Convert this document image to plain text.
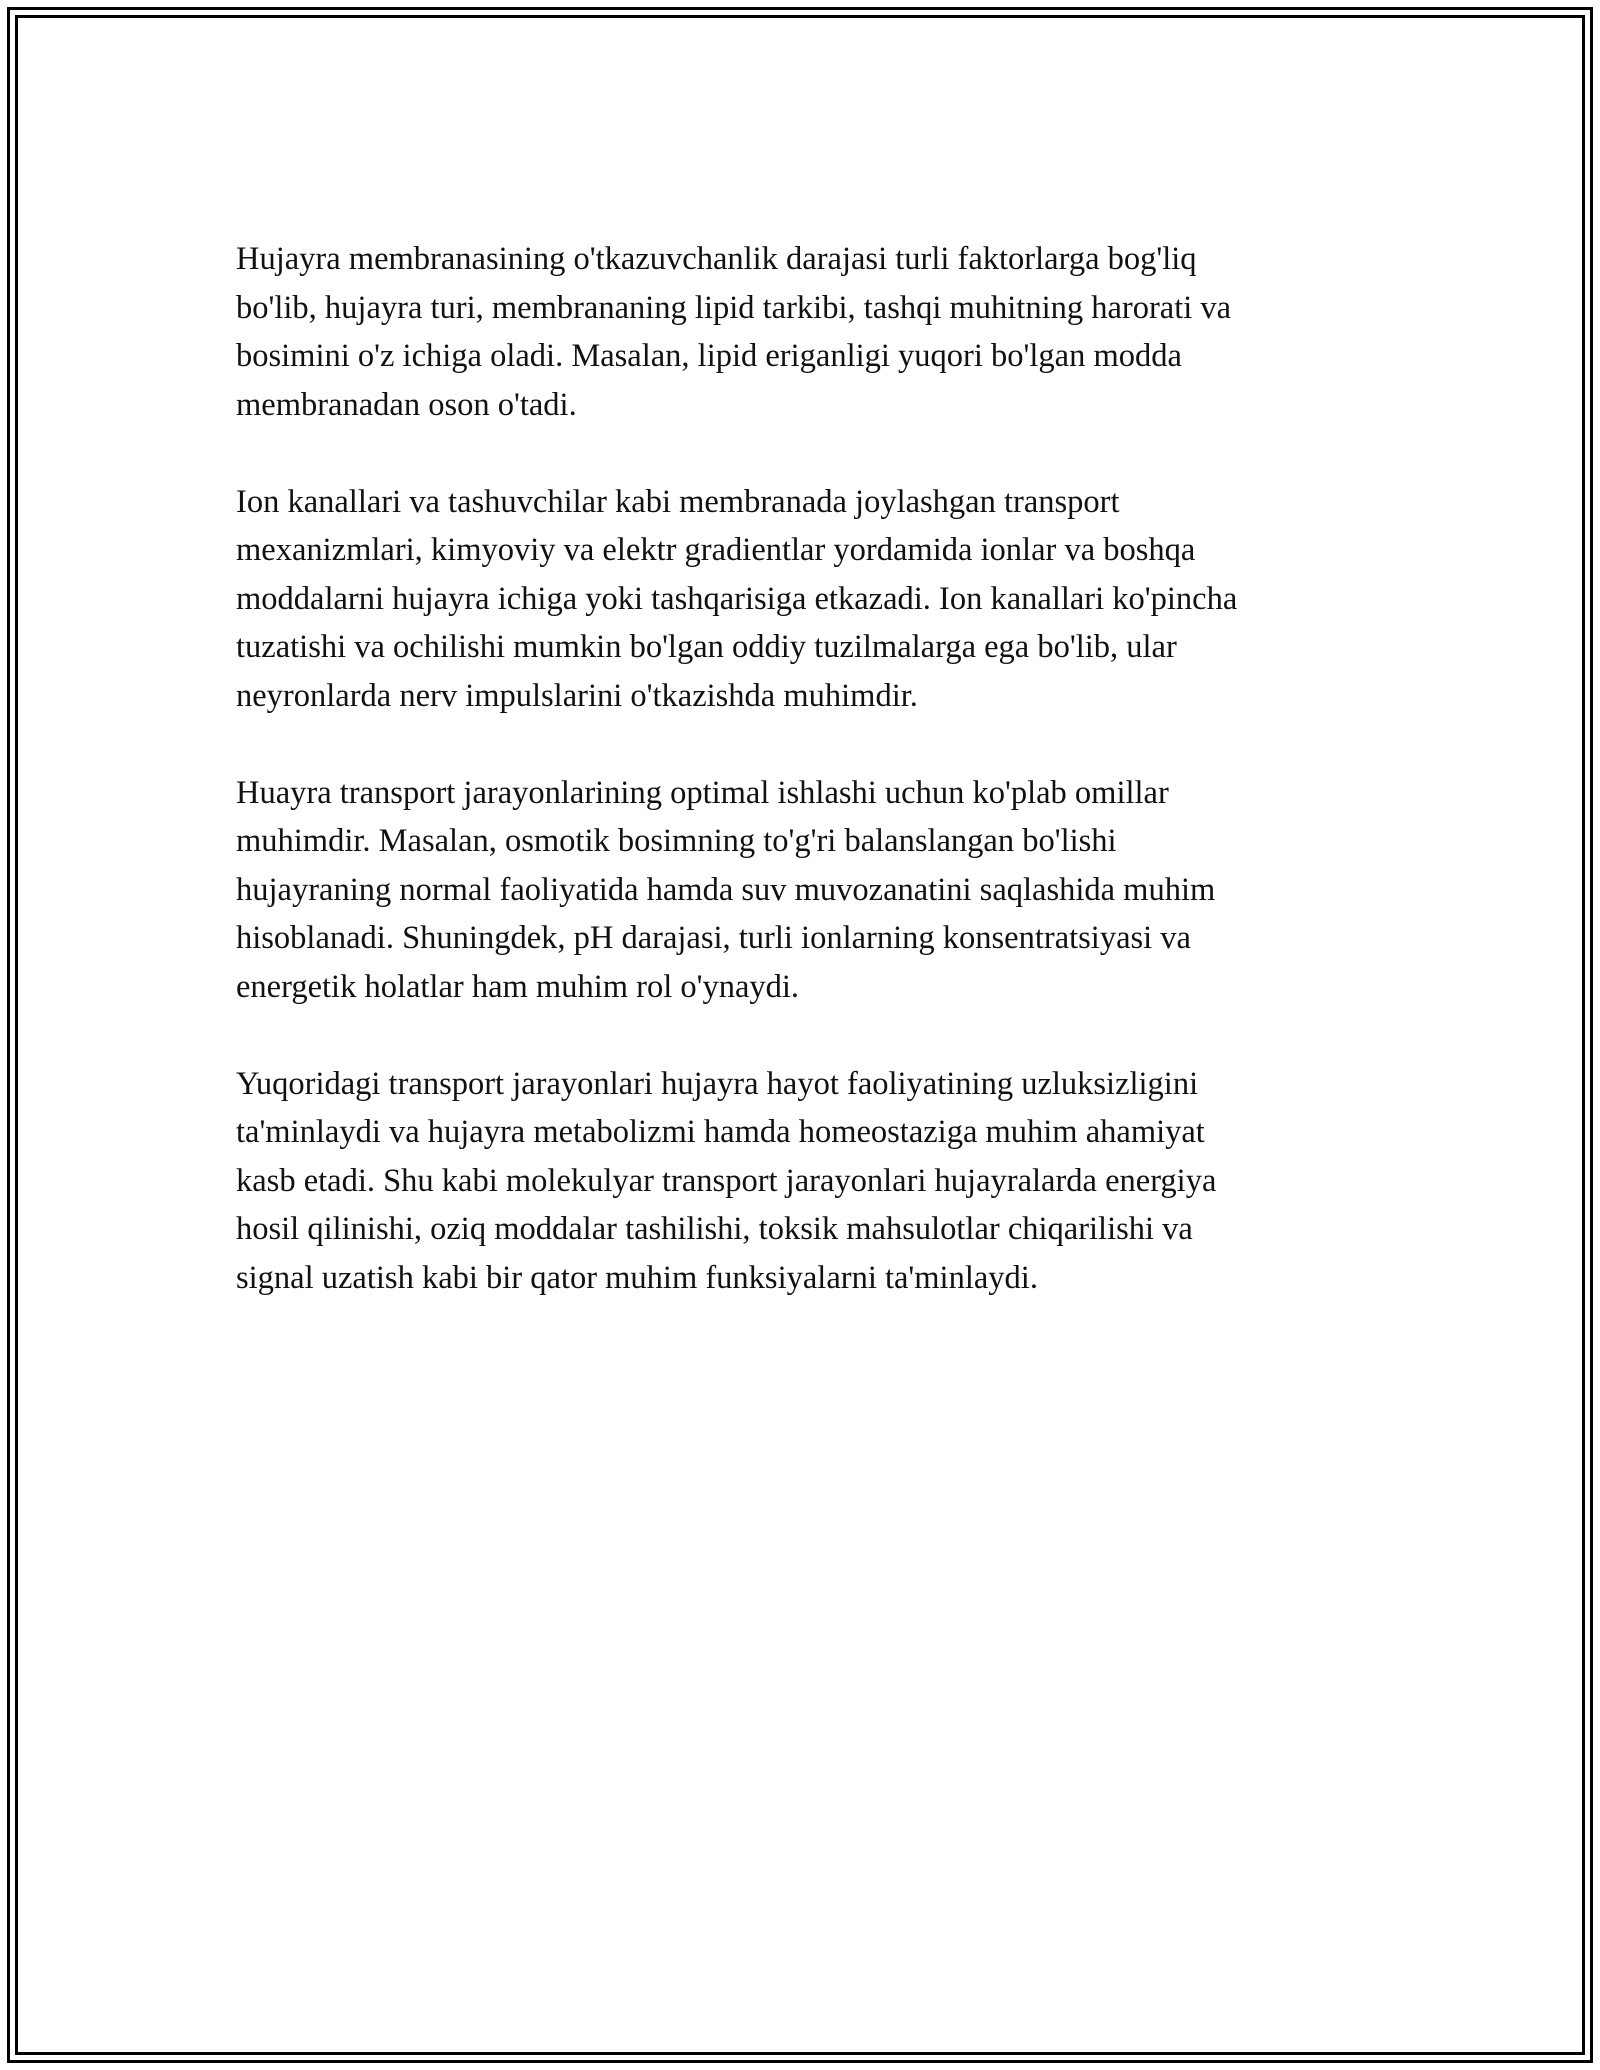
Hujayra membranasining o'tkazuvchanlik darajasi turli faktorlarga bog'liq
bo'lib, hujayra turi, membrananing lipid tarkibi, tashqi muhitning harorati va
bosimini o'z ichiga oladi. Masalan, lipid eriganligi yuqori bo'lgan modda
membranadan oson o'tadi.

Ion kanallari va tashuvchilar kabi membranada joylashgan transport
mexanizmlari, kimyoviy va elektr gradientlar yordamida ionlar va boshqa
moddalarni hujayra ichiga yoki tashqarisiga etkazadi. Ion kanallari ko'pincha
tuzatishi va ochilishi mumkin bo'lgan oddiy tuzilmalarga ega bo'lib, ular
neyronlarda nerv impulslarini o'tkazishda muhimdir.

Huayra transport jarayonlarining optimal ishlashi uchun ko'plab omillar
muhimdir. Masalan, osmotik bosimning to'g'ri balanslangan bo'lishi
hujayraning normal faoliyatida hamda suv muvozanatini saqlashida muhim
hisoblanadi. Shuningdek, pH darajasi, turli ionlarning konsentratsiyasi va
energetik holatlar ham muhim rol o'ynaydi.

Yuqoridagi transport jarayonlari hujayra hayot faoliyatining uzluksizligini
ta'minlaydi va hujayra metabolizmi hamda homeostaziga muhim ahamiyat
kasb etadi. Shu kabi molekulyar transport jarayonlari hujayralarda energiya
hosil qilinishi, oziq moddalar tashilishi, toksik mahsulotlar chiqarilishi va
signal uzatish kabi bir qator muhim funksiyalarni ta'minlaydi.
